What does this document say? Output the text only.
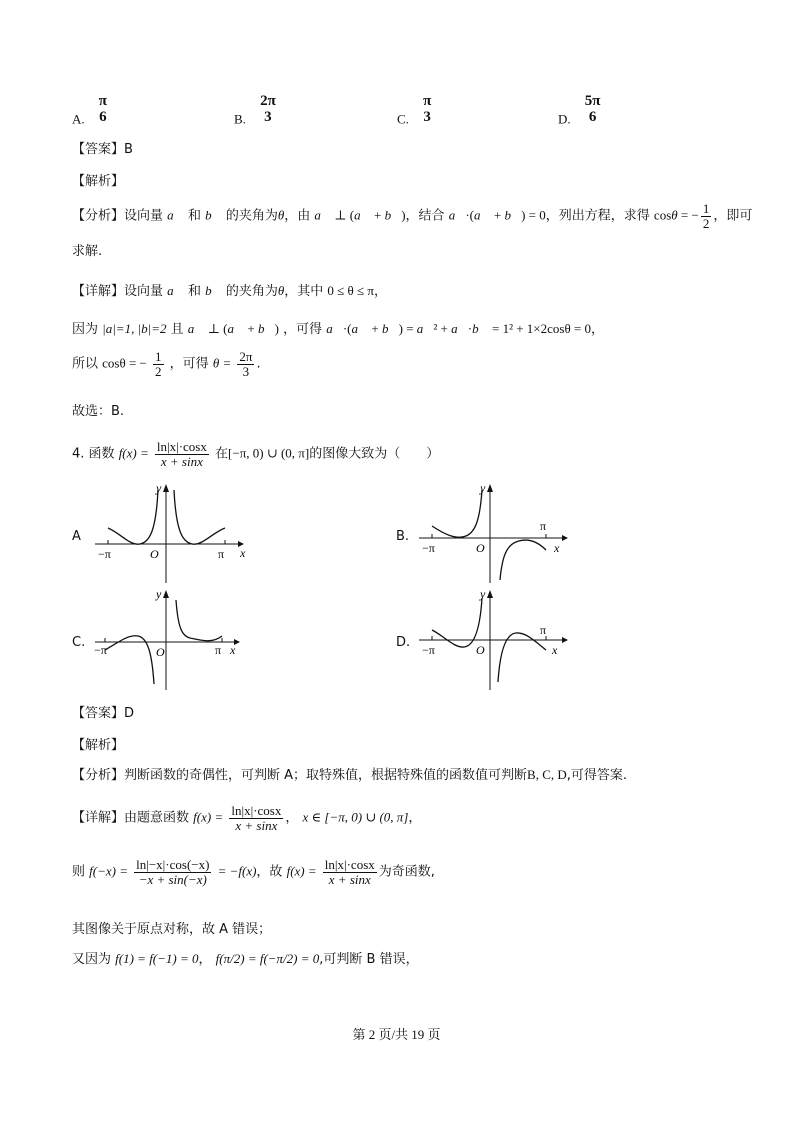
A.
π
6	B.
2π
3	C.
π
3	D.
5π
6
【答案】B
【解析】
【分析】设向量 a⃗ 和 b⃗ 的夹角为θ，由 a⃗ ⊥ (a⃗ + b⃗)，结合 a⃗·(a⃗ + b⃗) = 0，列出方程，求得 cosθ = − $\frac{1}{2}$ ，即可
求解.
【详解】设向量 a⃗ 和 b⃗ 的夹角为θ，其中 0 ≤ θ ≤ π，
因为 |a|=1, |b|=2 且 a⃗ ⊥ (a⃗ + b⃗) ，可得 a⃗·(a⃗ + b⃗) = a⃗² + a⃗·b⃗ = 1² + 1×2cosθ = 0，
所以 cosθ = − $\frac{1}{2}$ ，可得 $\theta = \frac{2\pi}{3}$ .
故选：B.
4. 函数 $f(x) = \frac{\ln|x|\cdot\cos x}{x + \sin x}$ 在[−π, 0) ∪ (0, π]的图像大致为（　　）
A	B.
C.	D.
y
x
O
−π	π
y
x
O
−π
π
y
x
O
−π	π
y
x
O
−π
π
【答案】D
【解析】
【分析】判断函数的奇偶性，可判断 A；取特殊值，根据特殊值的函数值可判断B, C, D,可得答案.
【详解】由题意函数 $f(x) = \frac{\ln|x|\cdot\cos x}{x + \sin x}$ ， x ∈ [−π, 0) ∪ (0, π]，
则 $f(-x) = \frac{\ln|-x|\cdot\cos(-x)}{-x + \sin(-x)} = -f(x)$，故 $f(x) = \frac{\ln|x|\cdot\cos x}{x + \sin x}$ 为奇函数,
其图像关于原点对称，故 A 错误；
又因为 f(1) = f(−1) = 0， f(π/2) = f(−π/2) = 0,可判断 B 错误，
第 2 页/共 19 页
